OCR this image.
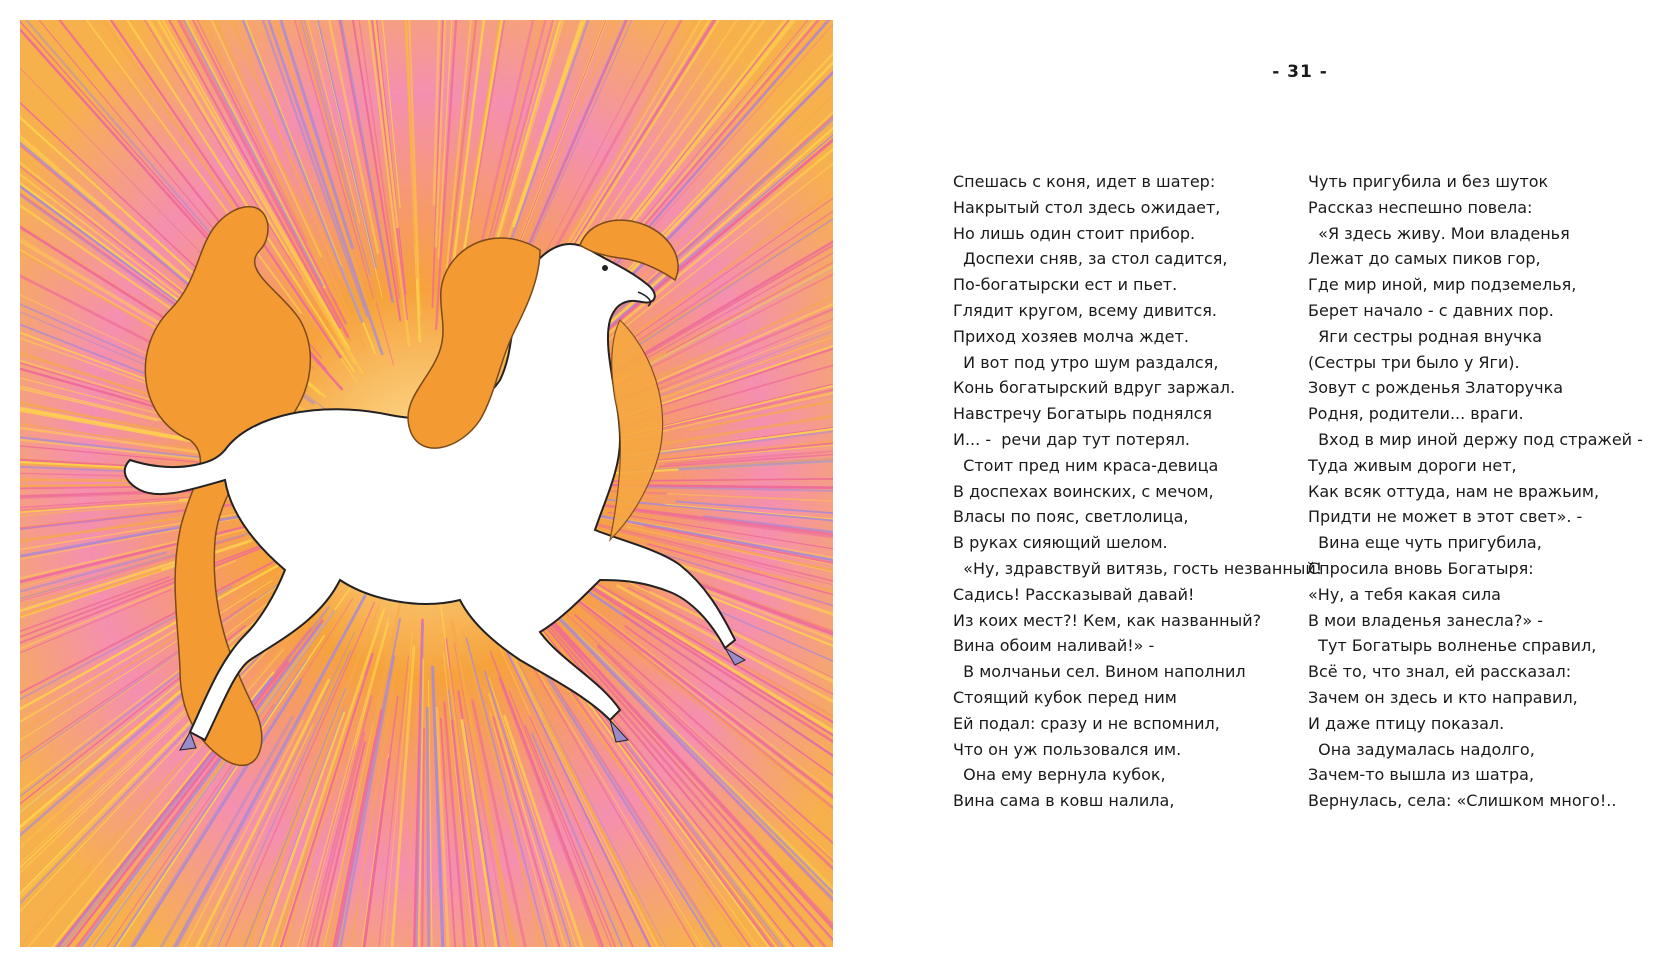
- 31 -
Спешась с коня, идет в шатер:
Накрытый стол здесь ожидает,
Но лишь один стоит прибор.
Доспехи сняв, за стол садится,
По-богатырски ест и пьет.
Глядит кругом, всему дивится.
Приход хозяев молча ждет.
И вот под утро шум раздался,
Конь богатырский вдруг заржал.
Навстречу Богатырь поднялся
И... -  речи дар тут потерял.
Стоит пред ним краса-девица
В доспехах воинских, с мечом,
Власы по пояс, светлолица,
В руках сияющий шелом.
«Ну, здравствуй витязь, гость незванный!
Садись! Рассказывай давай!
Из коих мест?! Кем, как названный?
Вина обоим наливай!» -
В молчаньи сел. Вином наполнил
Стоящий кубок перед ним
Ей подал: сразу и не вспомнил,
Что он уж пользовался им.
Она ему вернула кубок,
Вина сама в ковш налила,
Чуть пригубила и без шуток
Рассказ неспешно повела:
«Я здесь живу. Мои владенья
Лежат до самых пиков гор,
Где мир иной, мир подземелья,
Берет начало - с давних пор.
Яги сестры родная внучка
(Сестры три было у Яги).
Зовут с рожденья Златоручка
Родня, родители... враги.
Вход в мир иной держу под стражей -
Туда живым дороги нет,
Как всяк оттуда, нам не вражьим,
Придти не может в этот свет». -
Вина еще чуть пригубила,
Спросила вновь Богатыря:
«Ну, а тебя какая сила
В мои владенья занесла?» -
Тут Богатырь волненье справил,
Всё то, что знал, ей рассказал:
Зачем он здесь и кто направил,
И даже птицу показал.
Она задумалась надолго,
Зачем-то вышла из шатра,
Вернулась, села: «Слишком много!..
